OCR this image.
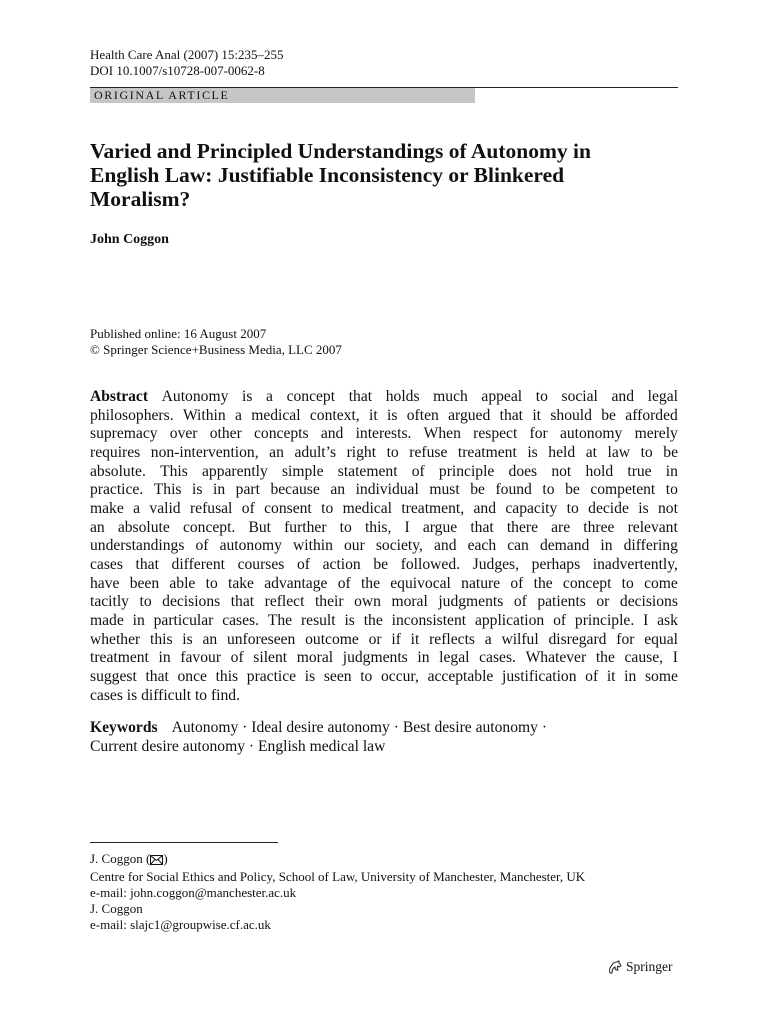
Health Care Anal (2007) 15:235–255
DOI 10.1007/s10728-007-0062-8
ORIGINAL ARTICLE
Varied and Principled Understandings of Autonomy in
English Law: Justifiable Inconsistency or Blinkered
Moralism?
John Coggon
Published online: 16 August 2007
© Springer Science+Business Media, LLC 2007
Abstract Autonomy is a concept that holds much appeal to social and legal
philosophers. Within a medical context, it is often argued that it should be afforded
supremacy over other concepts and interests. When respect for autonomy merely
requires non-intervention, an adult’s right to refuse treatment is held at law to be
absolute. This apparently simple statement of principle does not hold true in
practice. This is in part because an individual must be found to be competent to
make a valid refusal of consent to medical treatment, and capacity to decide is not
an absolute concept. But further to this, I argue that there are three relevant
understandings of autonomy within our society, and each can demand in differing
cases that different courses of action be followed. Judges, perhaps inadvertently,
have been able to take advantage of the equivocal nature of the concept to come
tacitly to decisions that reflect their own moral judgments of patients or decisions
made in particular cases. The result is the inconsistent application of principle. I ask
whether this is an unforeseen outcome or if it reflects a wilful disregard for equal
treatment in favour of silent moral judgments in legal cases. Whatever the cause, I
suggest that once this practice is seen to occur, acceptable justification of it in some
cases is difficult to find.
Keywords Autonomy · Ideal desire autonomy · Best desire autonomy ·
Current desire autonomy · English medical law
J. Coggon ( )
Centre for Social Ethics and Policy, School of Law, University of Manchester, Manchester, UK
e-mail: john.coggon@manchester.ac.uk
J. Coggon
e-mail: slajc1@groupwise.cf.ac.uk
Springer
